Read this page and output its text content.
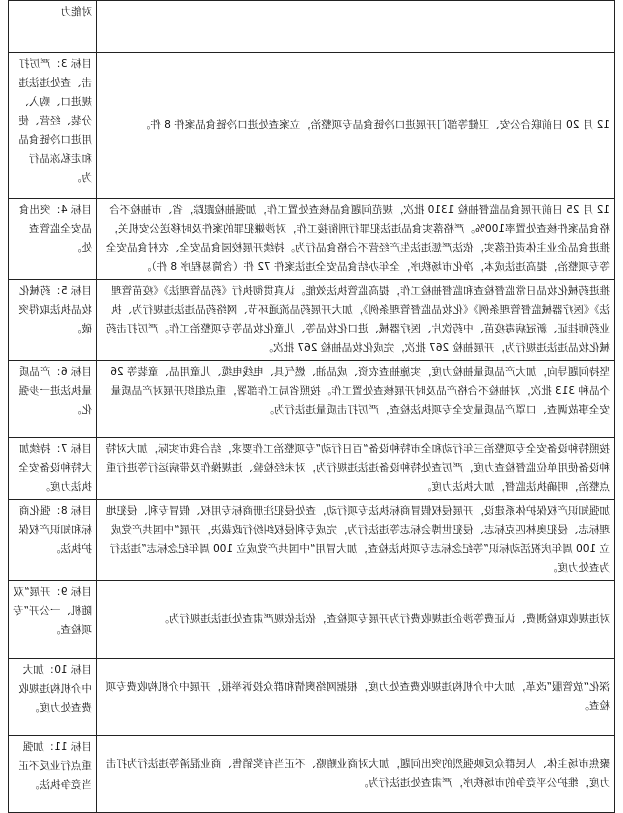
	对能力
12 月 20 日前联合公安、卫健等部门开展进口冷链食品专项整治，立案查处进口冷链食品案件 8 件。	目标 3：严厉打击、查处违法违规进口、购入、分装、经营、使用进口冷链食品和走私冻品行为。
12 月 25 日前开展食品监督抽检 1310 批次，规范问题食品核查处置工作，加强抽检跟踪，省、市抽检不合格食品案件核查处置率100%。严格落实食品违法犯罪行刑衔接工作，对涉嫌犯罪的案件及时移送公安机关，推进食品企业主体责任落实，依法严惩违法生产经营不合格食品行为。持续开展校园食品安全、农村食品安全等专项整治，提高违法成本，净化市场秩序，全年办结食品安全违法案件 72 件（含简易程序 8 件）。	目标 4：突出食品安全监管查处。
推进药械化妆品日常监督检查和监督抽检工作，提高监管执法效能。认真贯彻执行《药品管理法》《疫苗管理法》《医疗器械监督管理条例》《化妆品监督管理条例》，加大开展药品流通环节、网络药品违法违规行为、执业药师挂证、新冠病毒疫苗、中药饮片、医疗器械、进口化妆品等、儿童化妆品等专项整治工作。严厉打击药械化妆品违法违规行为，开展抽检 267 批次，完成化妆品抽检 267 批次。	目标 5：药械化妆品执法取得突破。
坚持问题导向，加大产品质量抽检力度，实施抽查农资、成品油、燃气具、电线电缆、儿童用品、童装等 26 个品种 313 批次，对抽检不合格产品及时开展核查处置工作。按照省局工作部署，重点组织开展对产品质量安全事故调查、口罩产品质量安全专项执法检查，严厉打击质量违法行为。	目标 6：产品质量执法进一步强化。
按照特种设备安全专项整治三年行动和全市特种设备“百日行动”专项整治工作要求，结合我市实际，加大对特种设备使用单位监督检查力度，严厉查处特种设备违法违规行为，对未经检验、违规操作及带病运行等进行重点整治，明确执法监督，加大执法力度。	目标 7：持续加大特种设备安全执法力度。
加强知识产权保护体系建设，开展侵权假冒商标执法专项行动，查处侵犯注册商标专用权、假冒专利、侵犯地理标志、侵犯奥林匹克标志、侵犯世博会标志等违法行为，完成专利侵权纠纷行政裁决，开展“中国共产党成立 100 周年庆祝活动标识”等纪念标志专项执法检查，加大冒用“中国共产党成立 100 周年纪念标志”违法行为查处力度。	目标 8：强化商标和知识产权保护执法。
对违规收取检测费、认证费等涉企违规收费行为开展专项检查，依法依规严肃查处违法违规行为。	目标 9：开展“双随机、一公开”专项检查。
深化“放管服”改革，加大中介机构违规收费查处力度，根据网络舆情和群众投诉举报，开展中介机构收费专项检查。	目标 10：加大中介机构违规收费查处力度。
聚焦市场主体、人民群众反映强烈的突出问题，加大对商业贿赂、不正当有奖销售、商业混淆等违法行为打击力度，维护公平竞争的市场秩序，严肃查处违法行为。	目标 11：加强重点行业反不正当竞争执法。
